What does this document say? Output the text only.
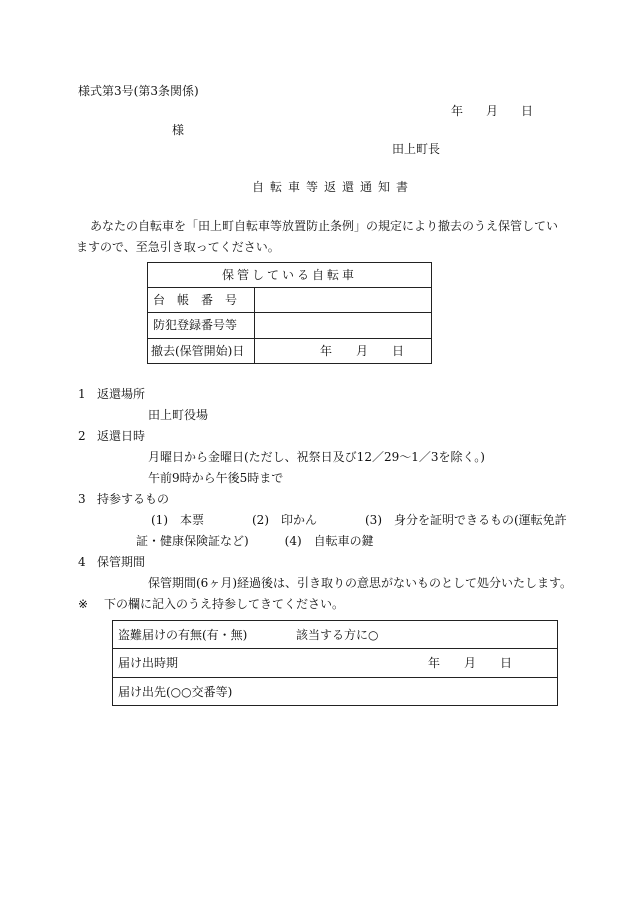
様式第3号(第3条関係)
年 月 日
様
田上町長
自転車等返還通知書
あなたの自転車を「田上町自転車等放置防止条例」の規定により撤去のうえ保管してい
ますので、至急引き取ってください。
保管している自転車
台　帳　番　号
防犯登録番号等
撤去(保管開始)日	年　　月　　日
1 返還場所
田上町役場
2 返還日時
月曜日から金曜日(ただし、祝祭日及び12／29〜1／3を除く。)
午前9時から午後5時まで
3 持参するもの
(1)　本票　　　　(2)　印かん　　　　(3)　身分を証明できるもの(運転免許
証・健康保険証など)　　　(4)　自転車の鍵
4 保管期間
保管期間(6ヶ月)経過後は、引き取りの意思がないものとして処分いたします。
※ 下の欄に記入のうえ持参してきてください。
盗難届けの有無(有・無)	該当する方に○
届け出時期	年　　月　　日
届け出先(○○交番等)
